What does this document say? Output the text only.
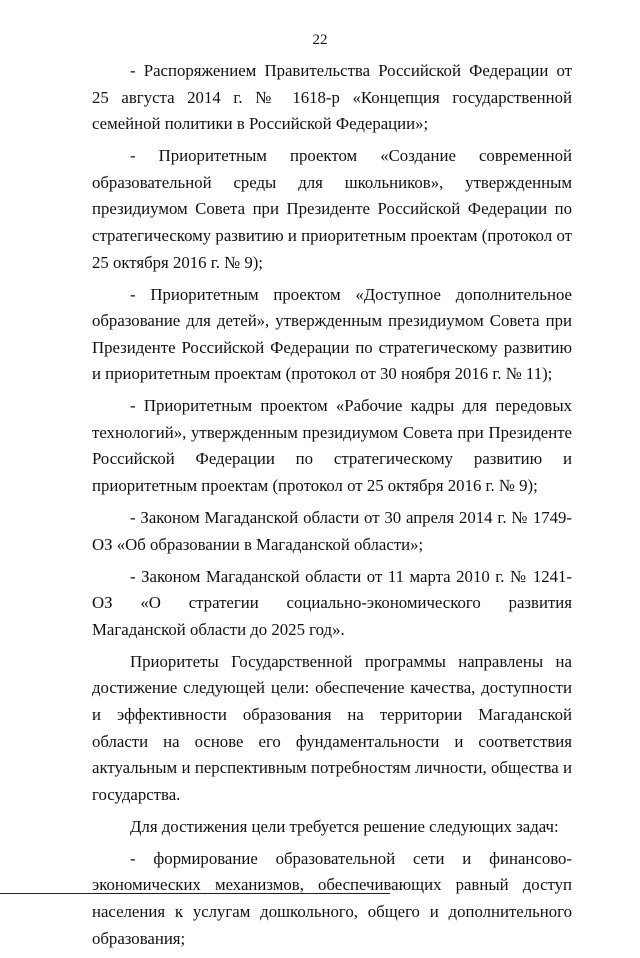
22

- Распоряжением Правительства Российской Федерации от 25 августа 2014 г. № 1618-р «Концепция государственной семейной политики в Российской Федерации»;

- Приоритетным проектом «Создание современной образовательной среды для школьников», утвержденным президиумом Совета при Президенте Российской Федерации по стратегическому развитию и приоритетным проектам (протокол от 25 октября 2016 г. № 9);

- Приоритетным проектом «Доступное дополнительное образование для детей», утвержденным президиумом Совета при Президенте Российской Федерации по стратегическому развитию и приоритетным проектам (протокол от 30 ноября 2016 г. № 11);

- Приоритетным проектом «Рабочие кадры для передовых технологий», утвержденным президиумом Совета при Президенте Российской Федерации по стратегическому развитию и приоритетным проектам (протокол от 25 октября 2016 г. № 9);

- Законом Магаданской области от 30 апреля 2014 г. № 1749-ОЗ «Об образовании в Магаданской области»;

- Законом Магаданской области от 11 марта 2010 г. № 1241-ОЗ «О стратегии социально-экономического развития Магаданской области до 2025 год».

Приоритеты Государственной программы направлены на достижение следующей цели: обеспечение качества, доступности и эффективности образования на территории Магаданской области на основе его фундаментальности и соответствия актуальным и перспективным потребностям личности, общества и государства.

Для достижения цели требуется решение следующих задач:

- формирование образовательной сети и финансово-экономических механизмов, обеспечивающих равный доступ населения к услугам дошкольного, общего и дополнительного образования;
